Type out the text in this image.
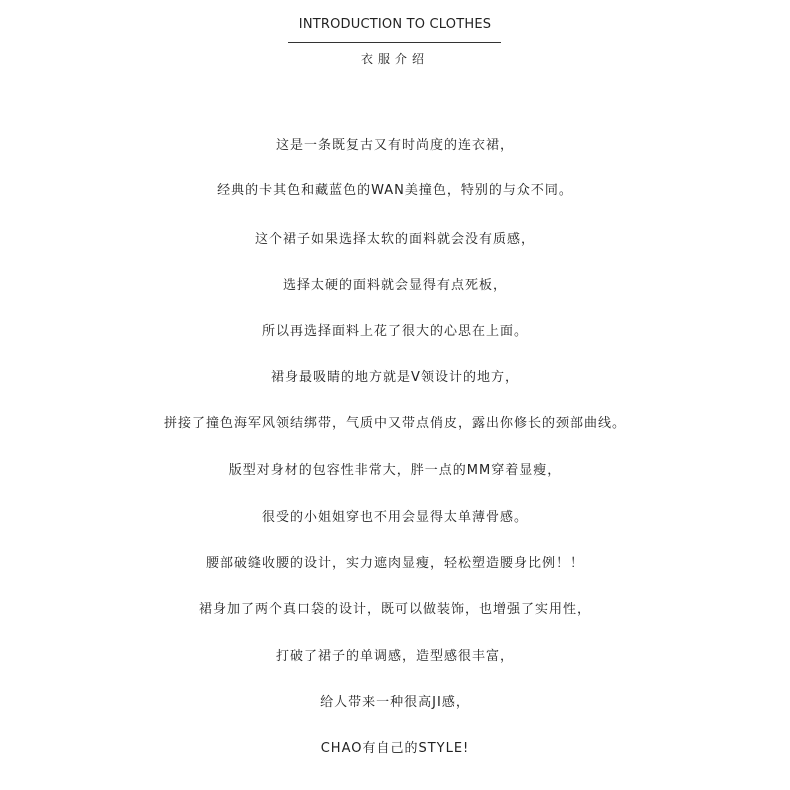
INTRODUCTION TO CLOTHES
衣服介绍
这是一条既复古又有时尚度的连衣裙，
经典的卡其色和藏蓝色的WAN美撞色，特别的与众不同。
这个裙子如果选择太软的面料就会没有质感，
选择太硬的面料就会显得有点死板，
所以再选择面料上花了很大的心思在上面。
裙身最吸睛的地方就是V领设计的地方，
拼接了撞色海军风领结绑带，气质中又带点俏皮，露出你修长的颈部曲线。
版型对身材的包容性非常大，胖一点的MM穿着显瘦，
很受的小姐姐穿也不用会显得太单薄骨感。
腰部破缝收腰的设计，实力遮肉显瘦，轻松塑造腰身比例！！
裙身加了两个真口袋的设计，既可以做装饰，也增强了实用性，
打破了裙子的单调感，造型感很丰富，
给人带来一种很高JI感，
CHAO有自己的STYLE!
